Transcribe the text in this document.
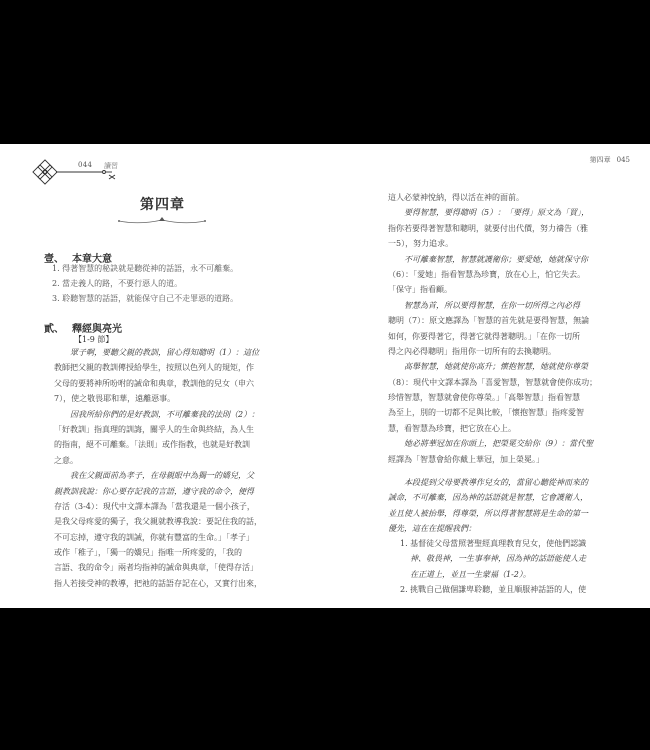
044 讀習
第四章
壹、 本章大意
1. 得著智慧的秘訣就是聽從神的話語，永不可離棄。
2. 當走義人的路，不要行惡人的道。
3. 聆聽智慧的話語，就能保守自己不走罪惡的道路。
貳、 釋經與亮光
【1-9 節】
眾子啊，要聽父親的教訓，留心得知聰明（1）：這位
教師把父親的教訓傳授給學生，按照以色列人的規矩，作
父母的要將神所吩咐的誡命和典章，教訓他的兒女（申六
7），使之敬畏耶和華，遠離惡事。
因我所給你們的是好教訓，不可離棄我的法則（2）：
「好教訓」指真理的訓誨，關乎人的生命與終結，為人生
的指南，絕不可離棄。「法則」或作指教，也就是好教訓
之意。
我在父親面前為孝子，在母親眼中為獨一的嬌兒，父
親教訓我說：你心要存記我的言語，遵守我的命令，便得
存活（3-4）：現代中文譯本譯為「當我還是一個小孩子，
是我父母疼愛的獨子，我父親就教導我說：要記住我的話，
不可忘掉，遵守我的訓誡，你就有豐富的生命。」「孝子」
或作「稚子」，「獨一的嬌兒」指唯一所疼愛的，「我的
言語、我的命令」兩者均指神的誡命與典章，「使得存活」
指人若接受神的教導，把祂的話語存記在心，又實行出來，
第四章 045
這人必蒙神悅納，得以活在神的面前。
要得智慧，要得聰明（5）：「要得」原文為「買」，
指你若要得著智慧和聰明，就要付出代價，努力禱告（雅
一5），努力追求。
不可離棄智慧，智慧就護衛你；要愛她，她就保守你
（6）：「愛她」指看智慧為珍寶，放在心上，怕它失去。
「保守」指看顧。
智慧為首，所以要得智慧，在你一切所得之內必得
聰明（7）：原文應譯為「智慧的首先就是要得智慧，無論
如何，你要得著它，得著它就得著聰明。」「在你一切所
得之內必得聰明」指用你一切所有的去換聰明。
高舉智慧，她就使你高升；懷抱智慧，她就使你尊榮
（8）：現代中文譯本譯為「喜愛智慧，智慧就會使你成功；
珍惜智慧，智慧就會使你尊榮。」「高舉智慧」指看智慧
為至上，別的一切都不足與比較，「懷抱智慧」指疼愛智
慧，看智慧為珍寶，把它放在心上。
她必將華冠加在你頭上，把榮冕交給你（9）：當代聖
經譯為「智慧會給你戴上華冠，加上榮冕。」
本段提到父母要教導作兒女的，當留心聽從神而來的
誡命，不可離棄，因為神的話語就是智慧，它會護衛人，
並且使人被抬舉，得尊榮，所以得著智慧將是生命的第一
優先，這在在提醒我們：
1. 基督徒父母當照著聖經真理教育兒女，使他們認識
神、敬畏神，一生事奉神，因為神的話語能使人走
在正道上，並且一生蒙福（1-2）。
2. 挑戰自己做個謙卑聆聽，並且順服神話語的人，使
